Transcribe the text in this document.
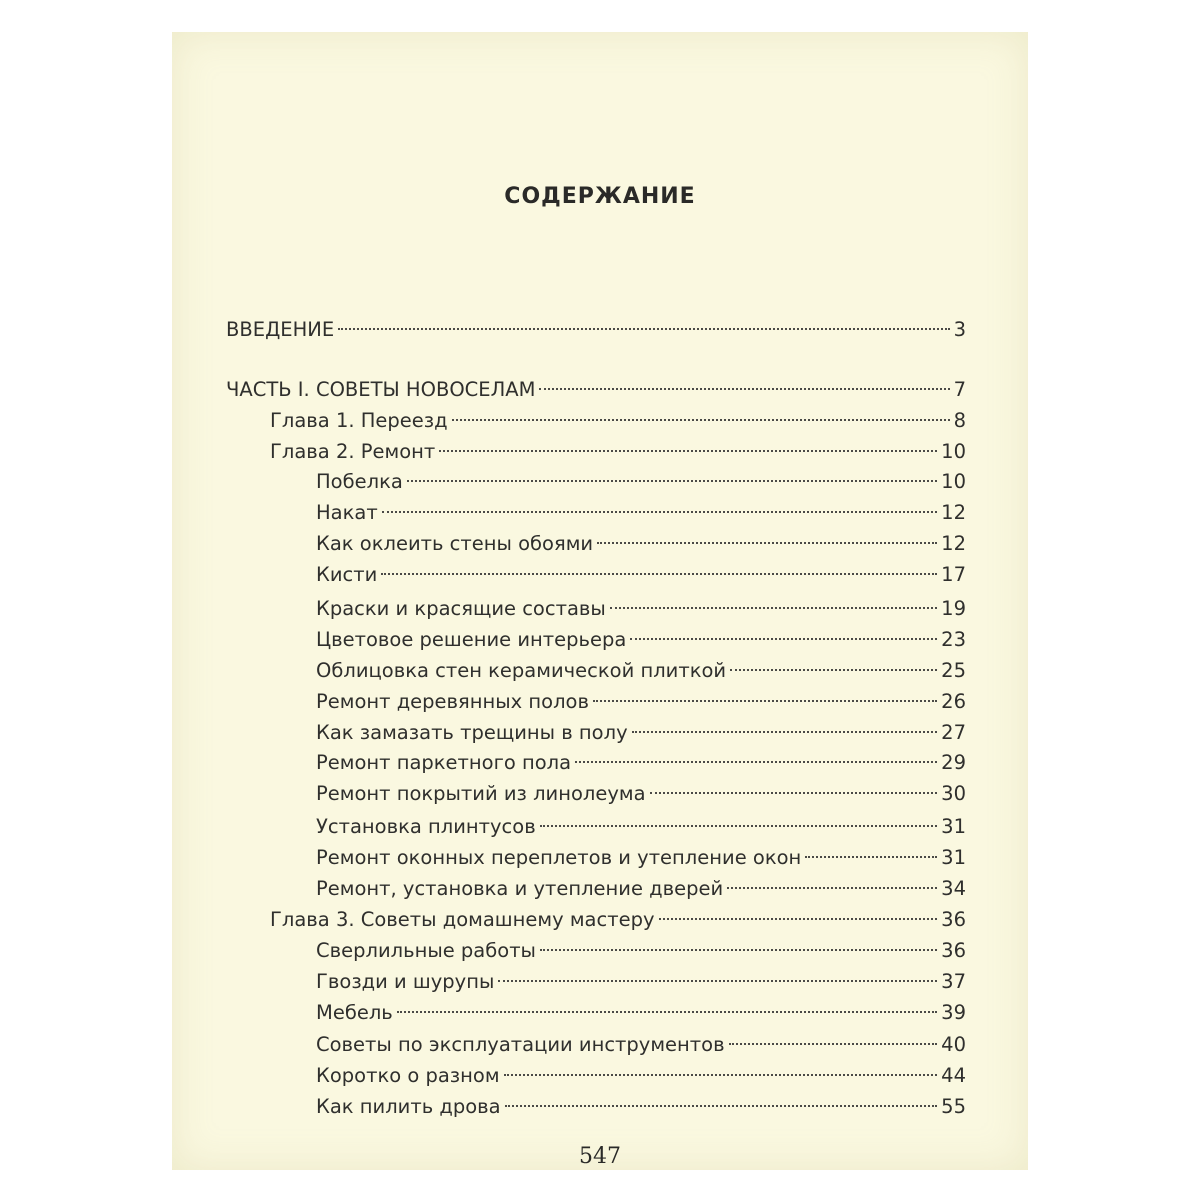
СОДЕРЖАНИЕ
ВВЕДЕНИЕ	3
ЧАСТЬ I. СОВЕТЫ НОВОСЕЛАМ	7
Глава 1. Переезд	8
Глава 2. Ремонт	10
Побелка	10
Накат	12
Как оклеить стены обоями	12
Кисти	17
Краски и красящие составы	19
Цветовое решение интерьера	23
Облицовка стен керамической плиткой	25
Ремонт деревянных полов	26
Как замазать трещины в полу	27
Ремонт паркетного пола	29
Ремонт покрытий из линолеума	30
Установка плинтусов	31
Ремонт оконных переплетов и утепление окон	31
Ремонт, установка и утепление дверей	34
Глава 3. Советы домашнему мастеру	36
Сверлильные работы	36
Гвозди и шурупы	37
Мебель	39
Советы по эксплуатации инструментов	40
Коротко о разном	44
Как пилить дрова	55
547
